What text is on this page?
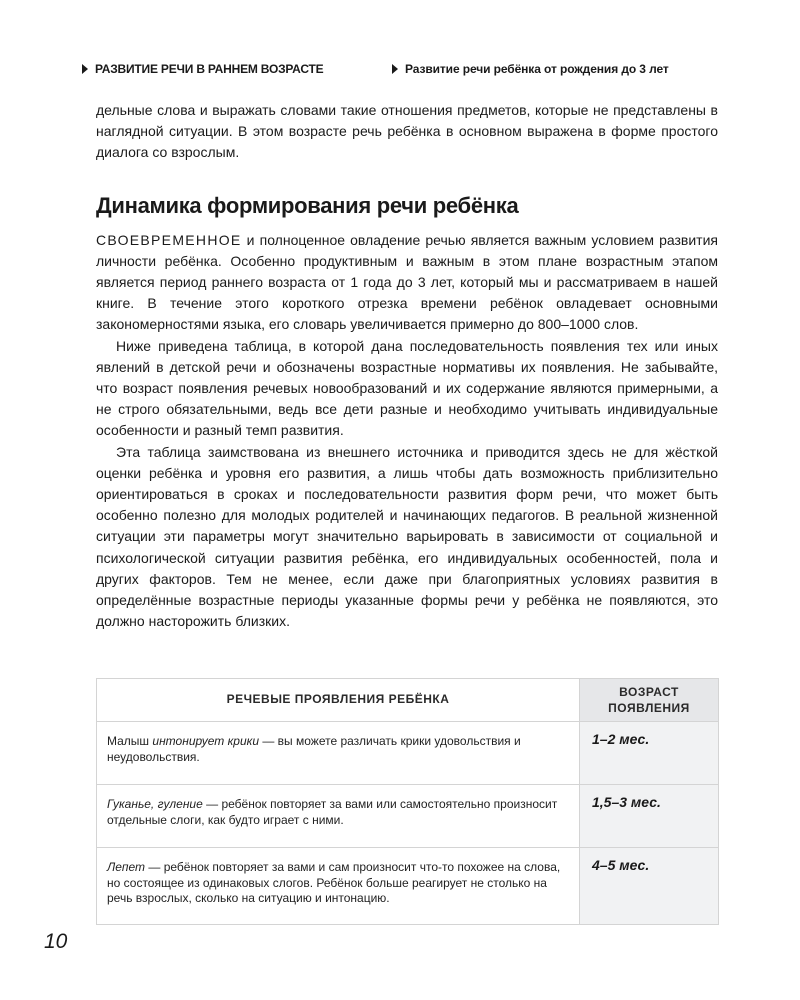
РАЗВИТИЕ РЕЧИ В РАННЕМ ВОЗРАСТЕ	Развитие речи ребёнка от рождения до 3 лет

дельные слова и выражать словами такие отношения предметов, которые не представлены в наглядной ситуации. В этом возрасте речь ребёнка в основном выражена в форме простого диалога со взрослым.

Динамика формирования речи ребёнка

СВОЕВРЕМЕННОЕ и полноценное овладение речью является важным условием развития личности ребёнка. Особенно продуктивным и важным в этом плане возрастным этапом является период раннего возраста от 1 года до 3 лет, который мы и рассматриваем в нашей книге. В течение этого короткого отрезка времени ребёнок овладевает основными закономерностями языка, его словарь увеличивается примерно до 800–1000 слов.

Ниже приведена таблица, в которой дана последовательность появления тех или иных явлений в детской речи и обозначены возрастные нормативы их появления. Не забывайте, что возраст появления речевых новообразований и их содержание являются примерными, а не строго обязательными, ведь все дети разные и необходимо учитывать индивидуальные особенности и разный темп развития.

Эта таблица заимствована из внешнего источника и приводится здесь не для жёсткой оценки ребёнка и уровня его развития, а лишь чтобы дать возможность приблизительно ориентироваться в сроках и последовательности развития форм речи, что может быть особенно полезно для молодых родителей и начинающих педагогов. В реальной жизненной ситуации эти параметры могут значительно варьировать в зависимости от социальной и психологической ситуации развития ребёнка, его индивидуальных особенностей, пола и других факторов. Тем не менее, если даже при благоприятных условиях развития в определённые возрастные периоды указанные формы речи у ребёнка не появляются, это должно насторожить близких.

РЕЧЕВЫЕ ПРОЯВЛЕНИЯ РЕБЁНКА	ВОЗРАСТ ПОЯВЛЕНИЯ
Малыш интонирует крики — вы можете различать крики удовольствия и неудовольствия.	1–2 мес.
Гуканье, гуление — ребёнок повторяет за вами или самостоятельно произносит отдельные слоги, как будто играет с ними.	1,5–3 мес.
Лепет — ребёнок повторяет за вами и сам произносит что-то похожее на слова, но состоящее из одинаковых слогов. Ребёнок больше реагирует не столько на речь взрослых, сколько на ситуацию и интонацию.	4–5 мес.
10
